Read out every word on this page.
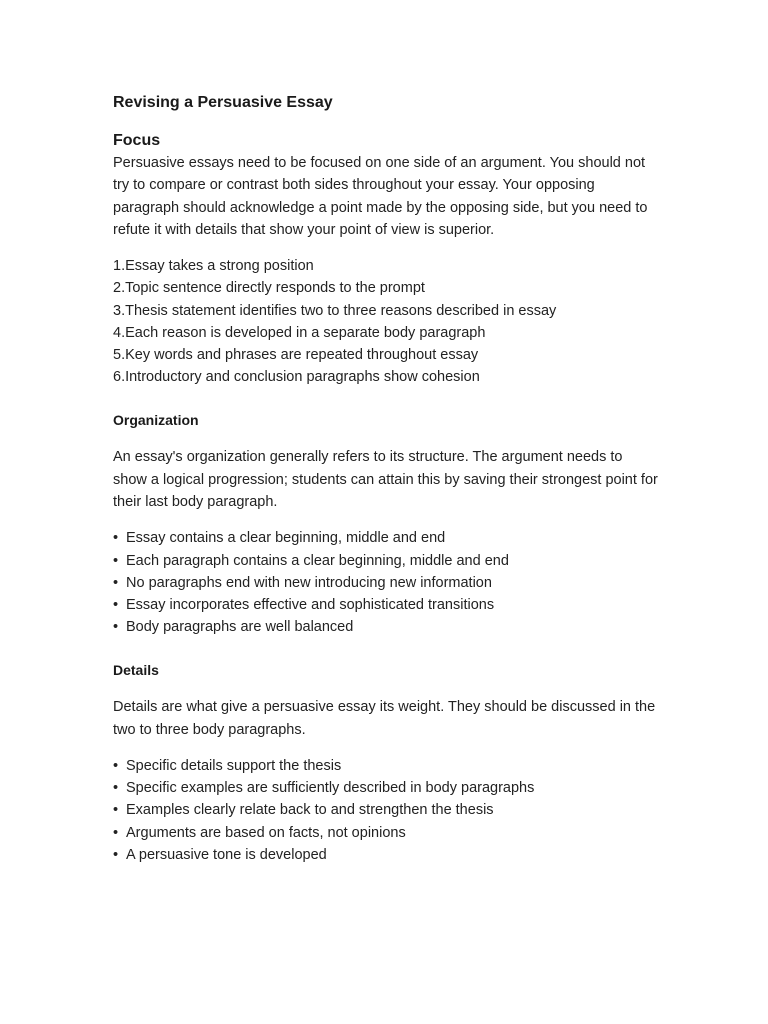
Revising a Persuasive Essay
Focus

Persuasive essays need to be focused on one side of an argument. You should not try to compare or contrast both sides throughout your essay. Your opposing paragraph should acknowledge a point made by the opposing side, but you need to refute it with details that show your point of view is superior.

1.Essay takes a strong position
2.Topic sentence directly responds to the prompt
3.Thesis statement identifies two to three reasons described in essay
4.Each reason is developed in a separate body paragraph
5.Key words and phrases are repeated throughout essay
6.Introductory and conclusion paragraphs show cohesion
Organization

An essay's organization generally refers to its structure. The argument needs to show a logical progression; students can attain this by saving their strongest point for their last body paragraph.

• Essay contains a clear beginning, middle and end
• Each paragraph contains a clear beginning, middle and end
• No paragraphs end with new introducing new information
• Essay incorporates effective and sophisticated transitions
• Body paragraphs are well balanced
Details

Details are what give a persuasive essay its weight. They should be discussed in the two to three body paragraphs.

• Specific details support the thesis
• Specific examples are sufficiently described in body paragraphs
• Examples clearly relate back to and strengthen the thesis
• Arguments are based on facts, not opinions
• A persuasive tone is developed
